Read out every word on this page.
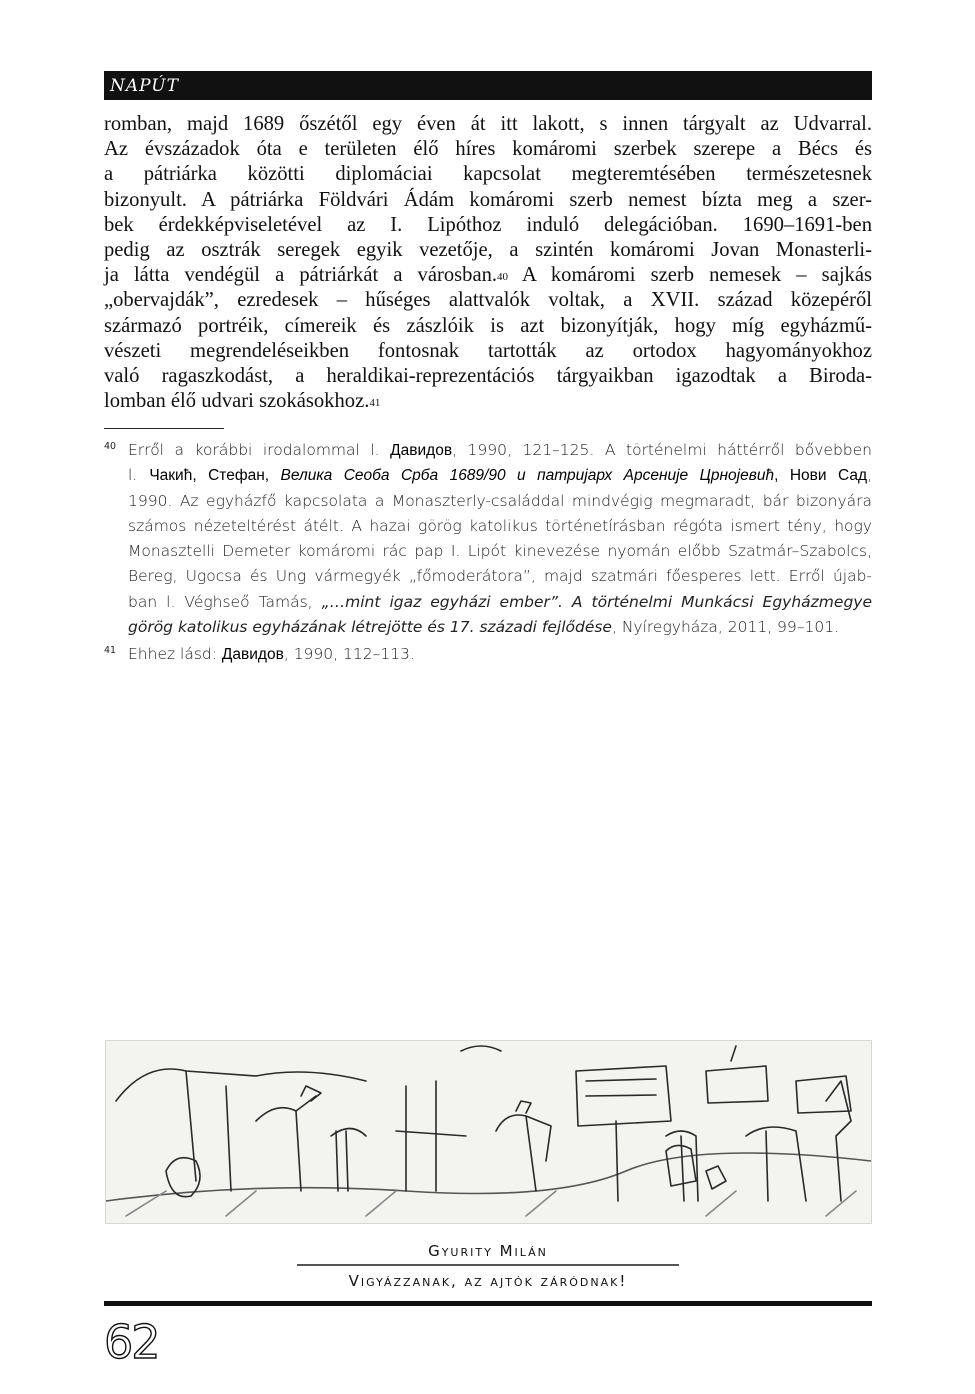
NAPÚT
romban, majd 1689 őszétől egy éven át itt lakott, s innen tárgyalt az Udvarral.
Az évszázadok óta e területen élő híres komáromi szerbek szerepe a Bécs és
a pátriárka közötti diplomáciai kapcsolat megteremtésében természetesnek
bizonyult. A pátriárka Földvári Ádám komáromi szerb nemest bízta meg a szer-
bek érdekképviseletével az I. Lipóthoz induló delegációban. 1690–1691-ben
pedig az osztrák seregek egyik vezetője, a szintén komáromi Jovan Monasterli-
ja látta vendégül a pátriárkát a városban.$^{40}$ A komáromi szerb nemesek – sajkás
„obervajdák”, ezredesek – hűséges alattvalók voltak, a XVII. század közepéről
származó portréik, címereik és zászlóik is azt bizonyítják, hogy míg egyházmű-
vészeti megrendeléseikben fontosnak tartották az ortodox hagyományokhoz
való ragaszkodást, a heraldikai-reprezentációs tárgyaikban igazodtak a Biroda-
lomban élő udvari szokásokhoz.$^{41}$
40 Erről a korábbi irodalommal l. Давидов, 1990, 121–125. A történelmi háttérről bővebben
l. Чакић, Стефан, Велика Сеоба Срба 1689/90 и патријарх Арсеније Црнојевић, Нови Сад,
1990. Az egyházfő kapcsolata a Monaszterly-családdal mindvégig megmaradt, bár bizonyára
számos nézeteltérést átélt. A hazai görög katolikus történetírásban régóta ismert tény, hogy
Monasztelli Demeter komáromi rác pap I. Lipót kinevezése nyomán előbb Szatmár–Szabolcs,
Bereg, Ugocsa és Ung vármegyék „főmoderátora”, majd szatmári főesperes lett. Erről újab-
ban l. Véghseő Tamás, „…mint igaz egyházi ember”. A történelmi Munkácsi Egyházmegye
görög katolikus egyházának létrejötte és 17. századi fejlődése, Nyíregyháza, 2011, 99–101.
41 Ehhez lásd: Давидов, 1990, 112–113.
Gyurity Milán
Vigyázzanak, az ajtók záródnak!
62
